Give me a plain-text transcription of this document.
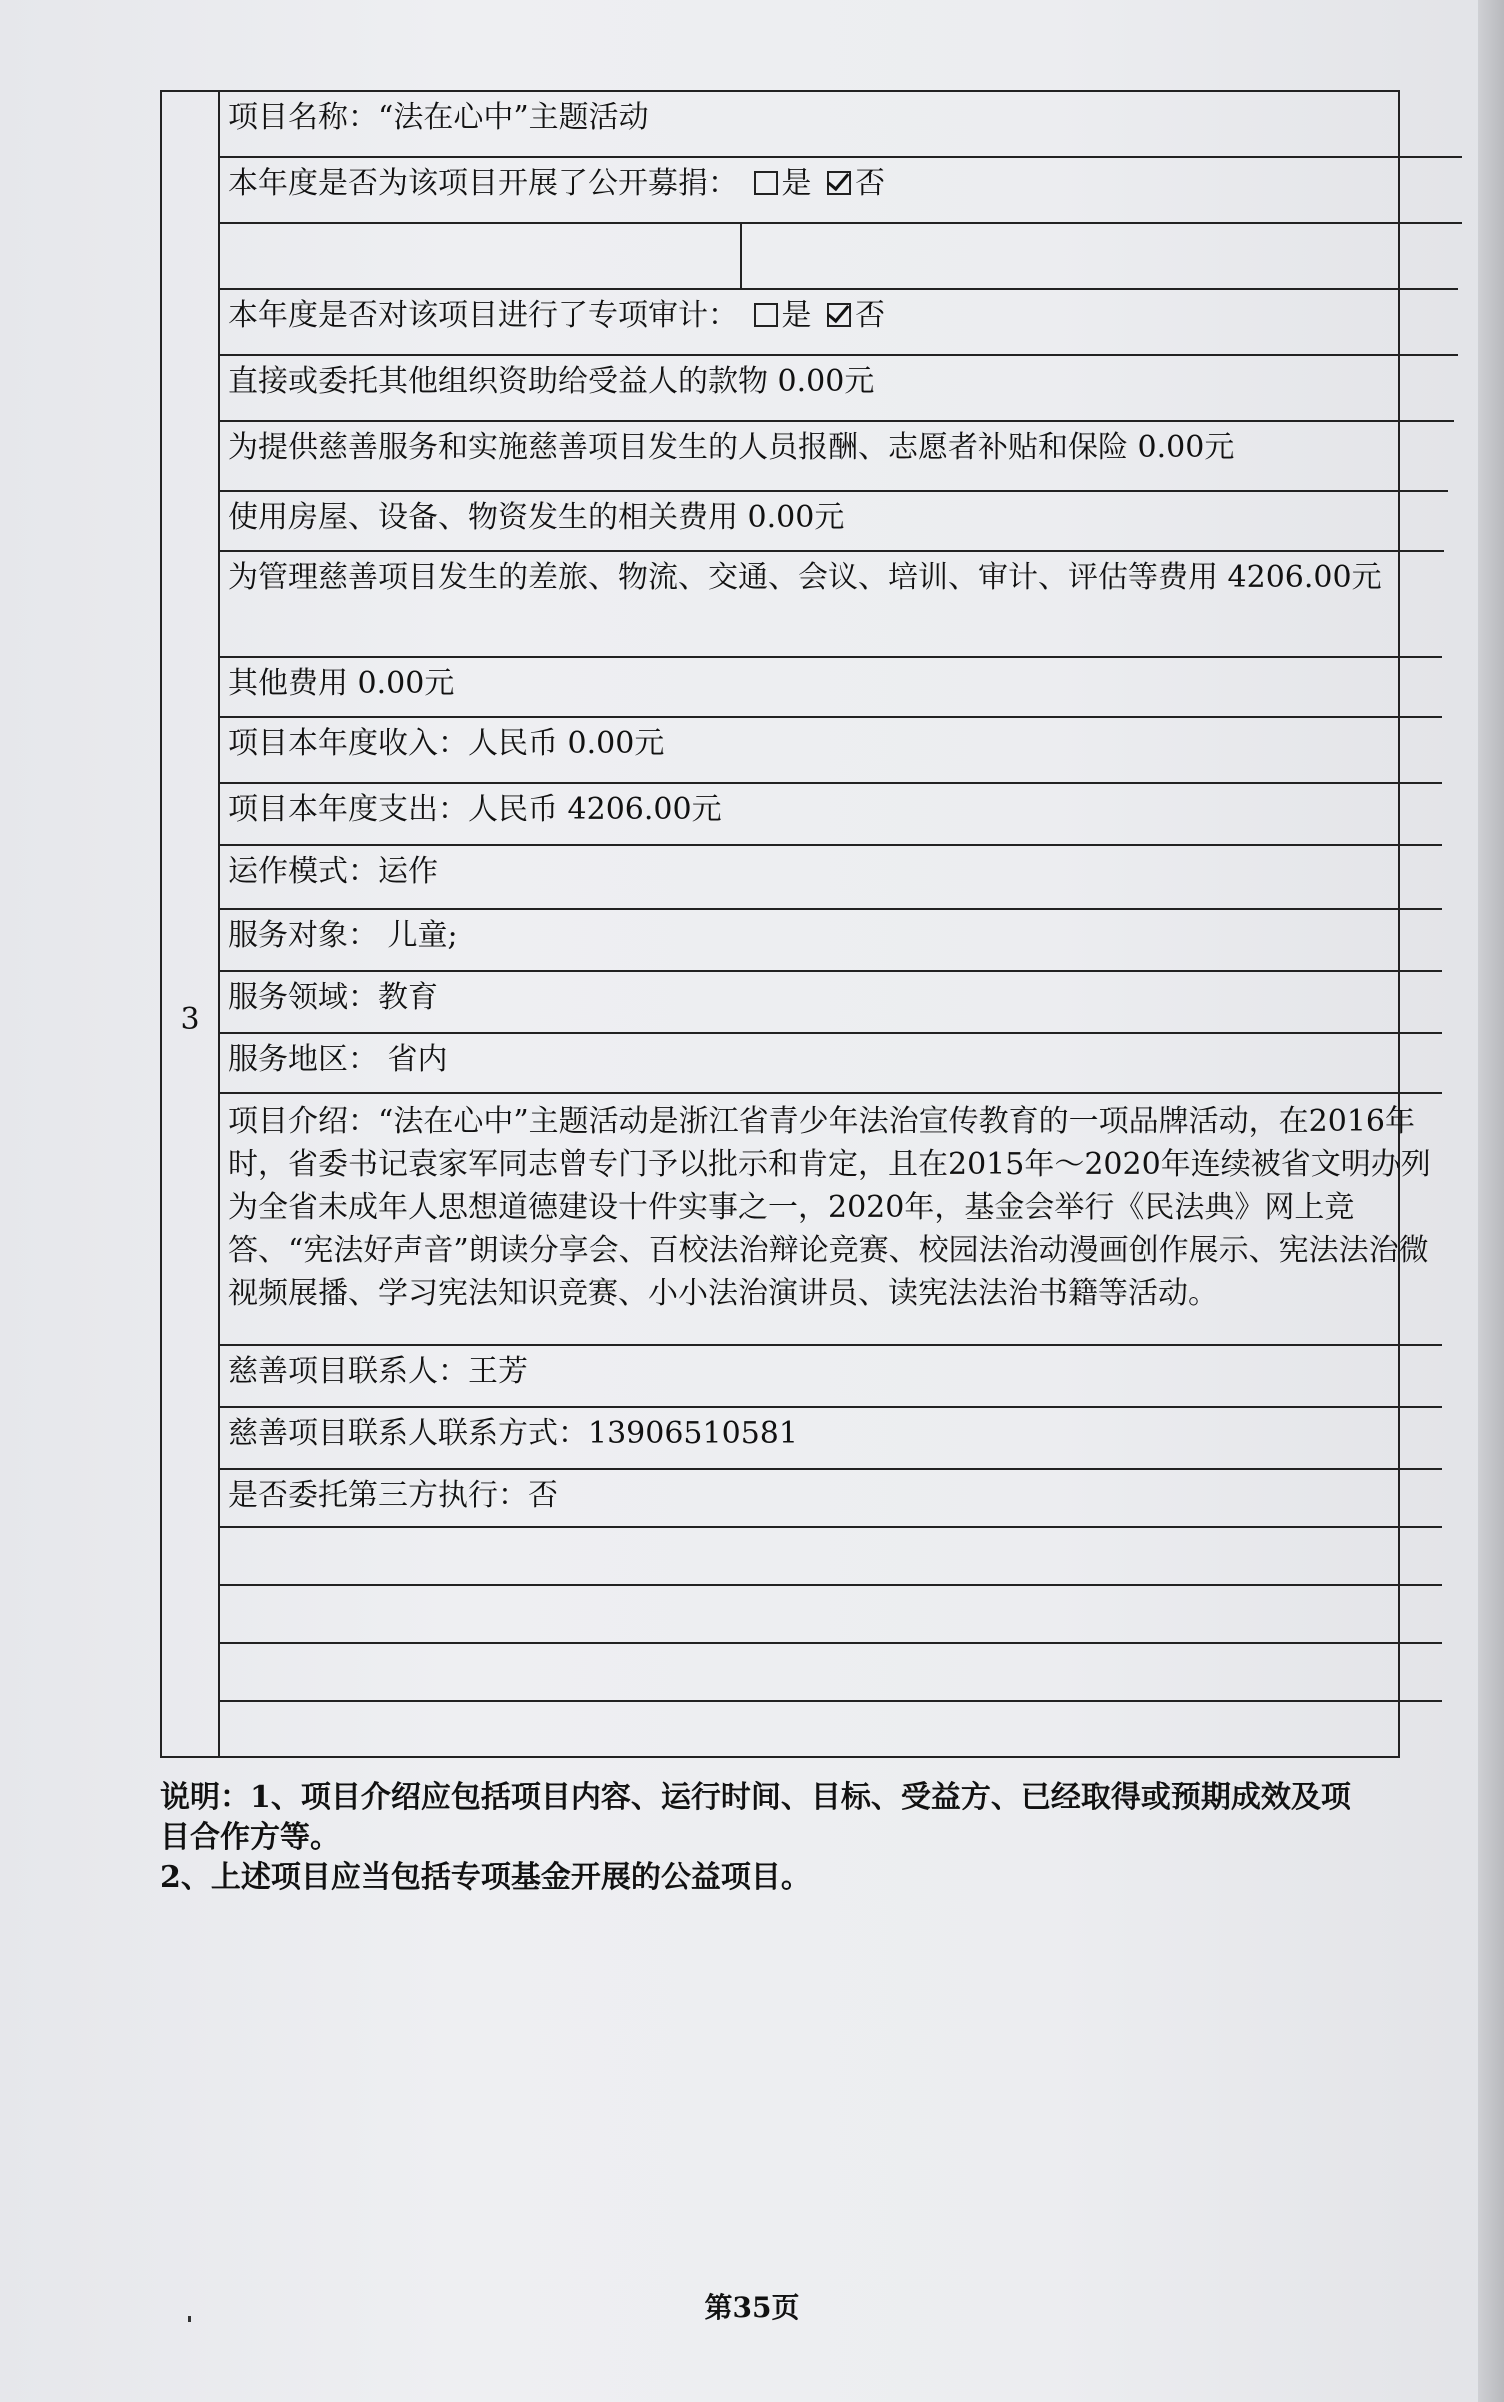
3
项目名称：“法在心中”主题活动
本年度是否为该项目开展了公开募捐： 是 否
本年度是否对该项目进行了专项审计： 是 否
直接或委托其他组织资助给受益人的款物 0.00元
为提供慈善服务和实施慈善项目发生的人员报酬、志愿者补贴和保险 0.00元
使用房屋、设备、物资发生的相关费用 0.00元
为管理慈善项目发生的差旅、物流、交通、会议、培训、审计、评估等费用 4206.00元
其他费用 0.00元
项目本年度收入：人民币 0.00元
项目本年度支出：人民币 4206.00元
运作模式：运作
服务对象： 儿童;
服务领域：教育
服务地区： 省内
项目介绍：“法在心中”主题活动是浙江省青少年法治宣传教育的一项品牌活动，在2016年时，省委书记袁家军同志曾专门予以批示和肯定，且在2015年～2020年连续被省文明办列为全省未成年人思想道德建设十件实事之一，2020年，基金会举行《民法典》网上竞答、“宪法好声音”朗读分享会、百校法治辩论竞赛、校园法治动漫画创作展示、宪法法治微视频展播、学习宪法知识竞赛、小小法治演讲员、读宪法法治书籍等活动。
慈善项目联系人：王芳
慈善项目联系人联系方式：13906510581
是否委托第三方执行：否
说明：1、项目介绍应包括项目内容、运行时间、目标、受益方、已经取得或预期成效及项目合作方等。
2、上述项目应当包括专项基金开展的公益项目。
第35页
